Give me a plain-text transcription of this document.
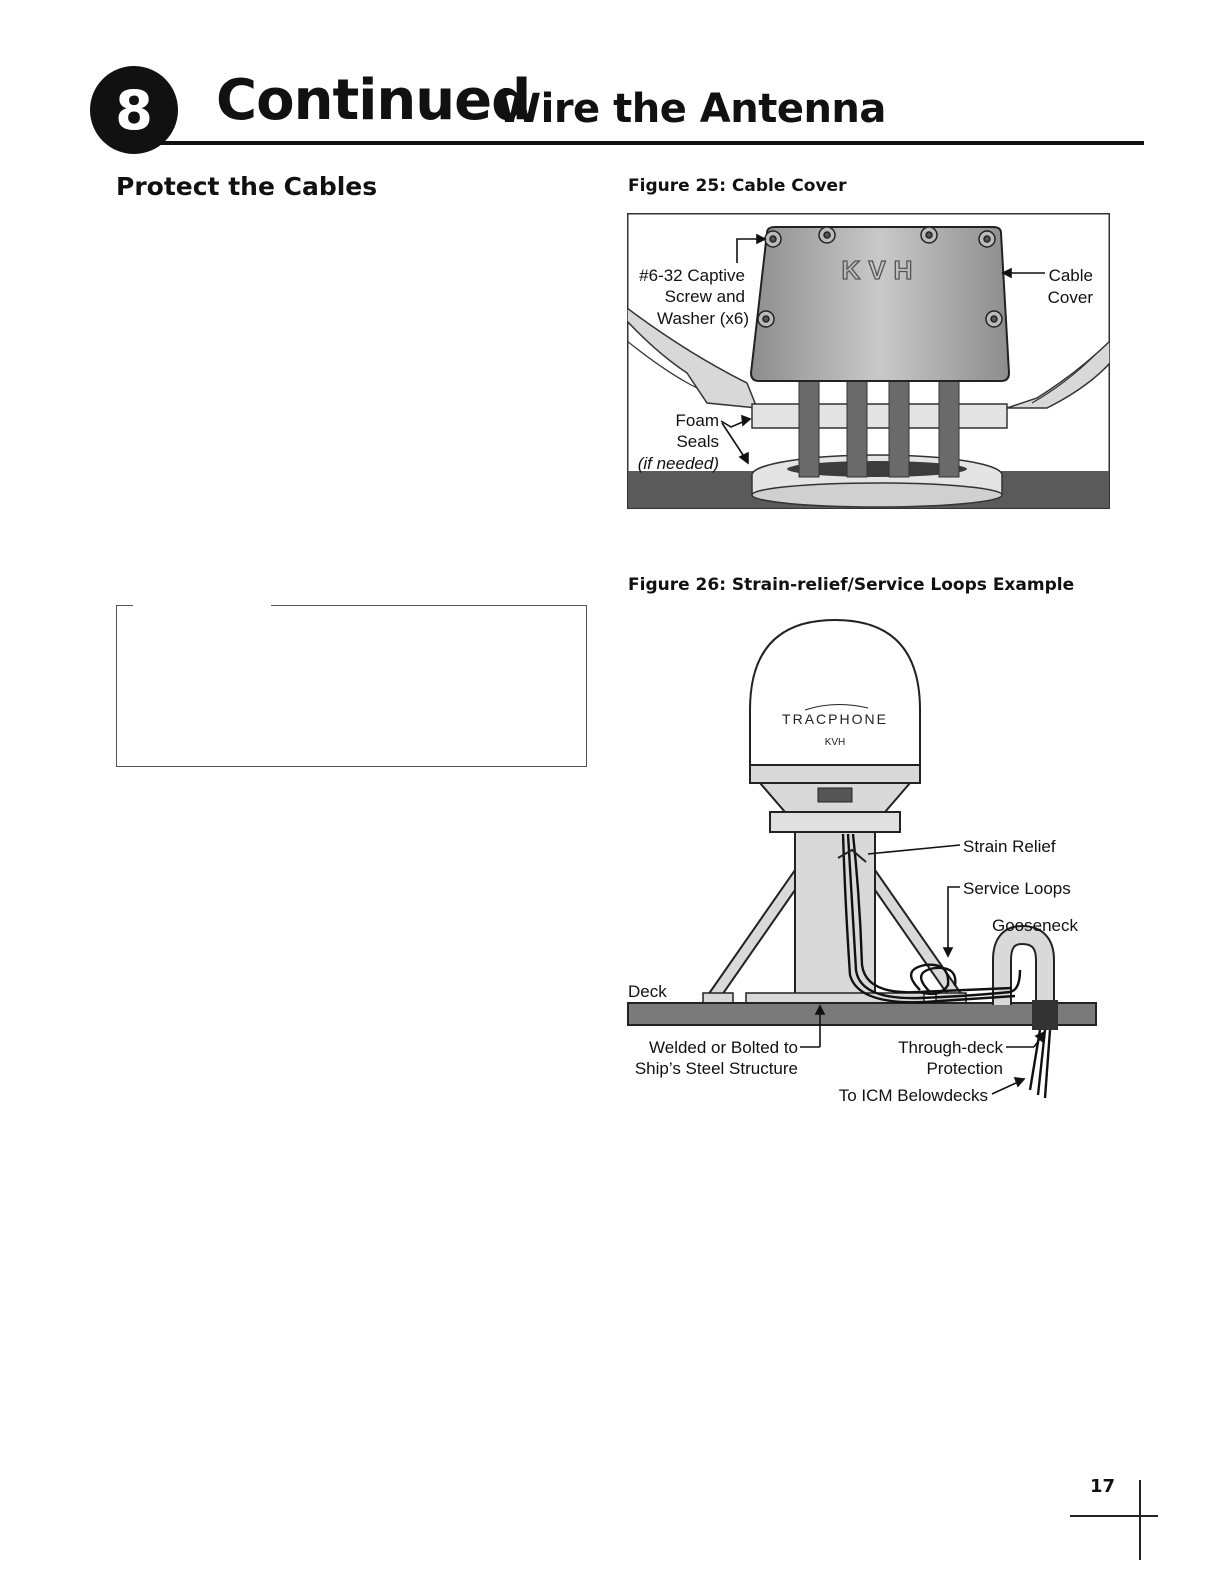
8 Continued
Wire the Antenna
Protect the Cables	Figure 25: Cable Cover
KVH
#6-32 Captive
Screw and
Washer (x6)
Cable
Cover
Foam
Seals
(if needed)
Figure 26: Strain-relief/Service Loops Example
TRACPHONE
KVH
Strain Relief
Service Loops
Gooseneck
Deck
Welded or Bolted to
Ship’s Steel Structure
Through-deck
Protection
To ICM Belowdecks
17
